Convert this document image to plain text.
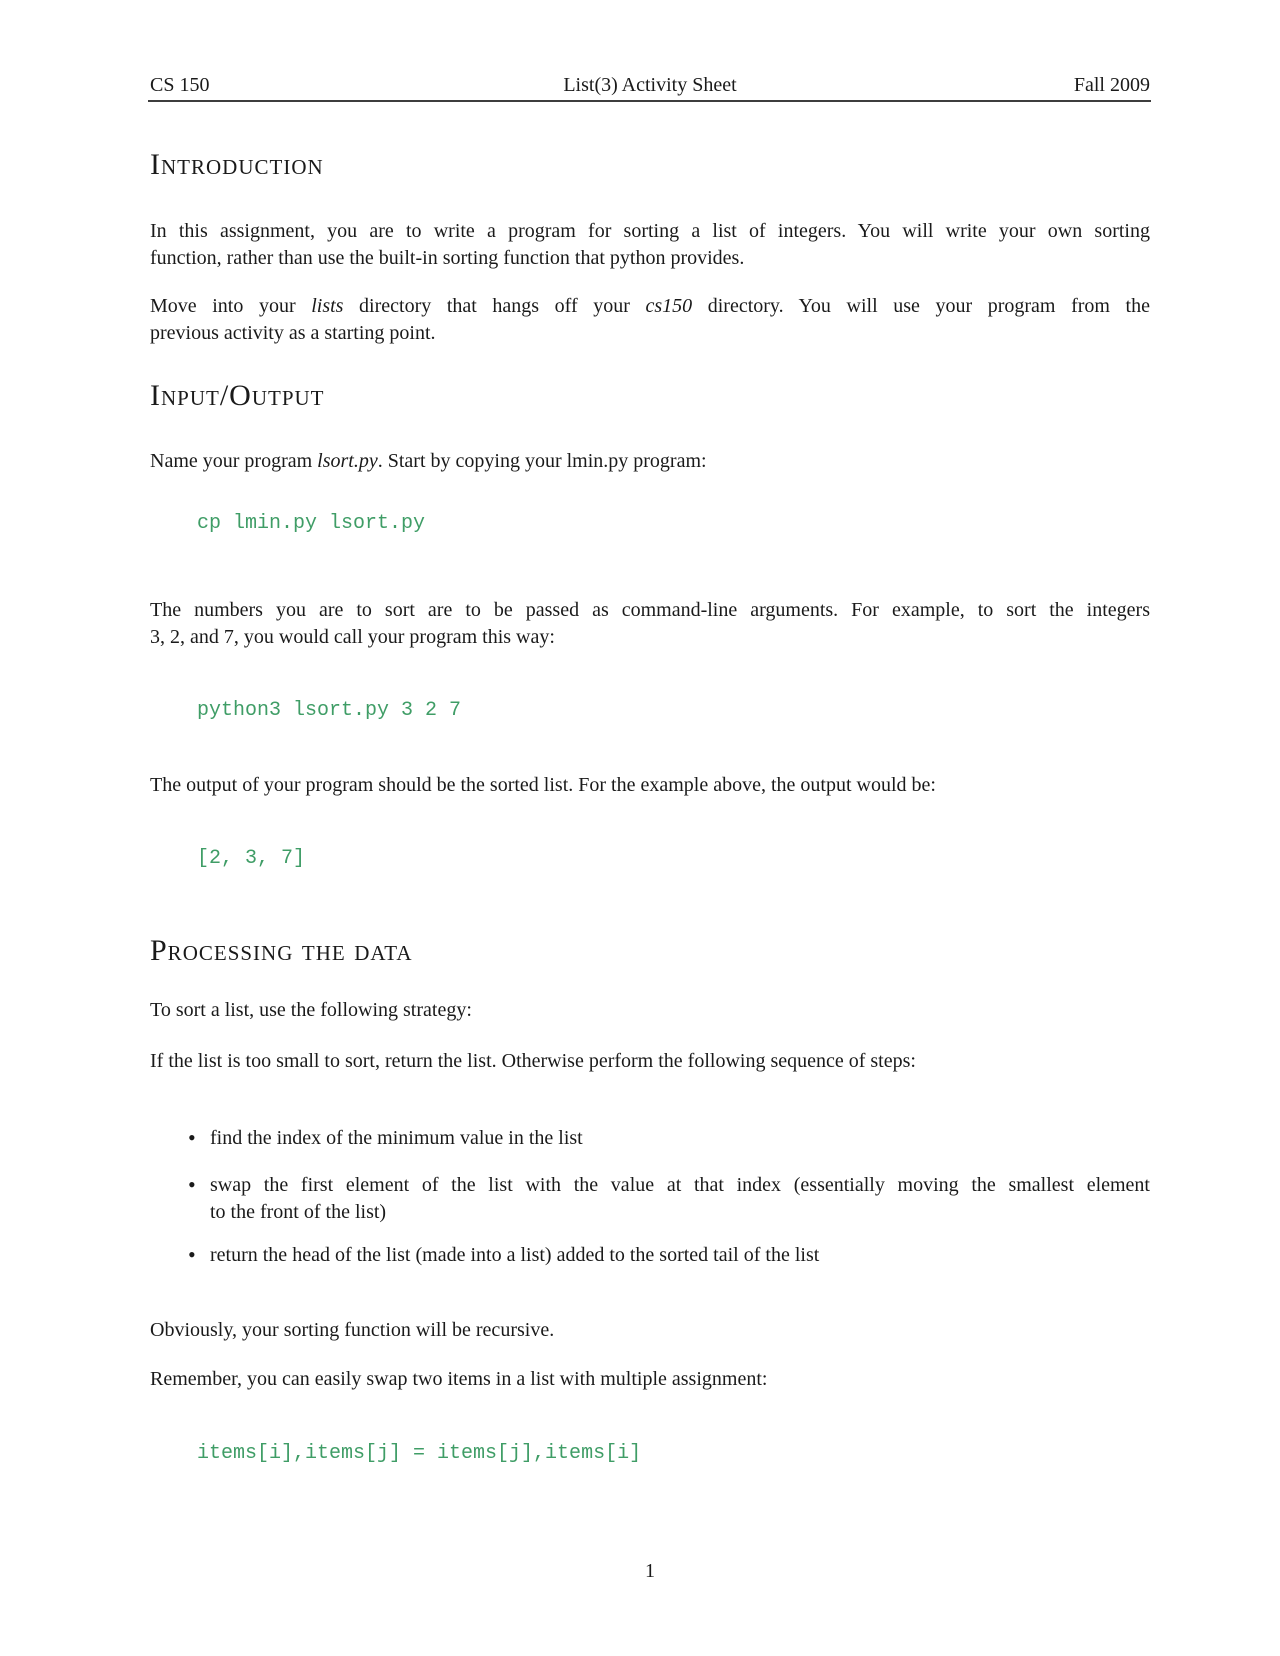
CS 150	List(3) Activity Sheet	Fall 2009
Introduction
In this assignment, you are to write a program for sorting a list of integers. You will write your own sorting
function, rather than use the built-in sorting function that python provides.
Move into your lists directory that hangs off your cs150 directory. You will use your program from the
previous activity as a starting point.
Input/Output
Name your program lsort.py. Start by copying your lmin.py program:
cp lmin.py lsort.py
The numbers you are to sort are to be passed as command-line arguments. For example, to sort the integers
3, 2, and 7, you would call your program this way:
python3 lsort.py 3 2 7
The output of your program should be the sorted list. For the example above, the output would be:
[2, 3, 7]
Processing the data
To sort a list, use the following strategy:
If the list is too small to sort, return the list. Otherwise perform the following sequence of steps:
• find the index of the minimum value in the list
• swap the first element of the list with the value at that index (essentially moving the smallest element
to the front of the list)
• return the head of the list (made into a list) added to the sorted tail of the list
Obviously, your sorting function will be recursive.
Remember, you can easily swap two items in a list with multiple assignment:
items[i],items[j] = items[j],items[i]
1
